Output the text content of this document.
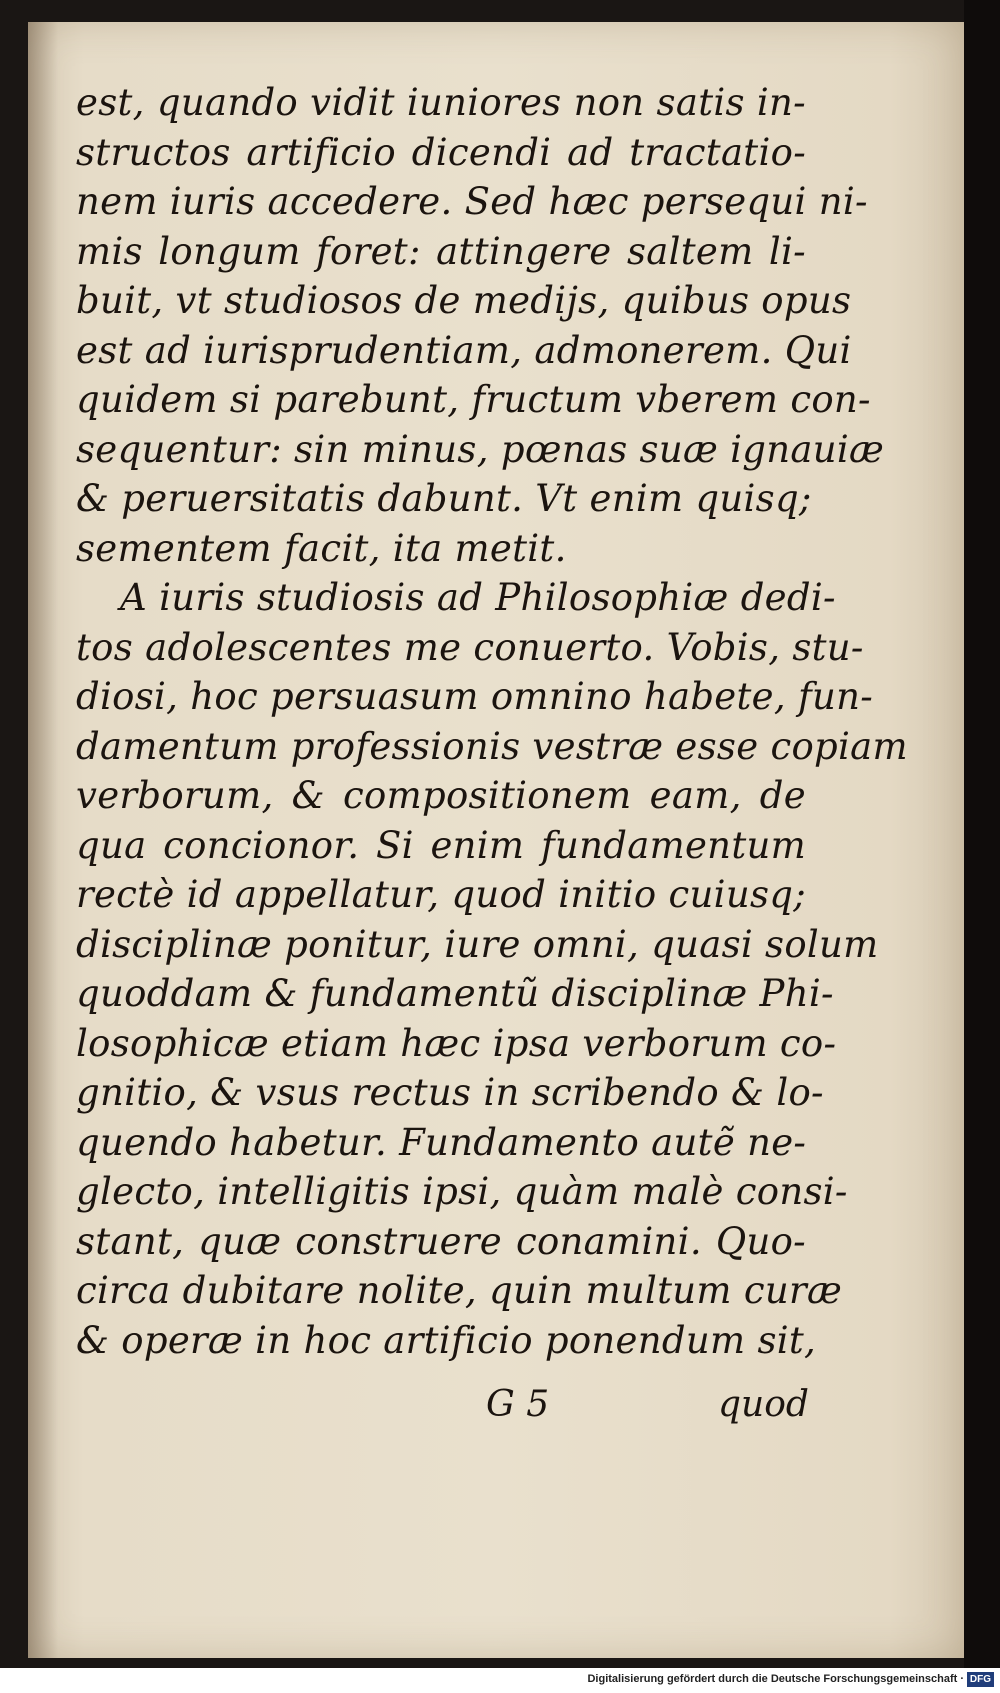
est, quando vidit iuniores non satis in-
structos artificio dicendi ad tractatio-
nem iuris accedere. Sed hæc persequi ni-
mis longum foret: attingere saltem li-
buit, vt studiosos de medijs, quibus opus
est ad iurisprudentiam, admonerem. Qui
quidem si parebunt, fructum vberem con-
sequentur: sin minus, pœnas suæ ignauiæ
& peruersitatis dabunt. Vt enim quisq;
sementem facit, ita metit.
A iuris studiosis ad Philosophiæ dedi-
tos adolescentes me conuerto. Vobis, stu-
diosi, hoc persuasum omnino habete, fun-
damentum professionis vestræ esse copiam
verborum, & compositionem eam, de
qua concionor. Si enim fundamentum
rectè id appellatur, quod initio cuiusq;
disciplinæ ponitur, iure omni, quasi solum
quoddam & fundamentũ disciplinæ Phi-
losophicæ etiam hæc ipsa verborum co-
gnitio, & vsus rectus in scribendo & lo-
quendo habetur. Fundamento autẽ ne-
glecto, intelligitis ipsi, quàm malè consi-
stant, quæ construere conamini. Quo-
circa dubitare nolite, quin multum curæ
& operæ in hoc artificio ponendum sit,
G 5	quod
Digitalisierung gefördert durch die Deutsche Forschungsgemeinschaft · DFG
